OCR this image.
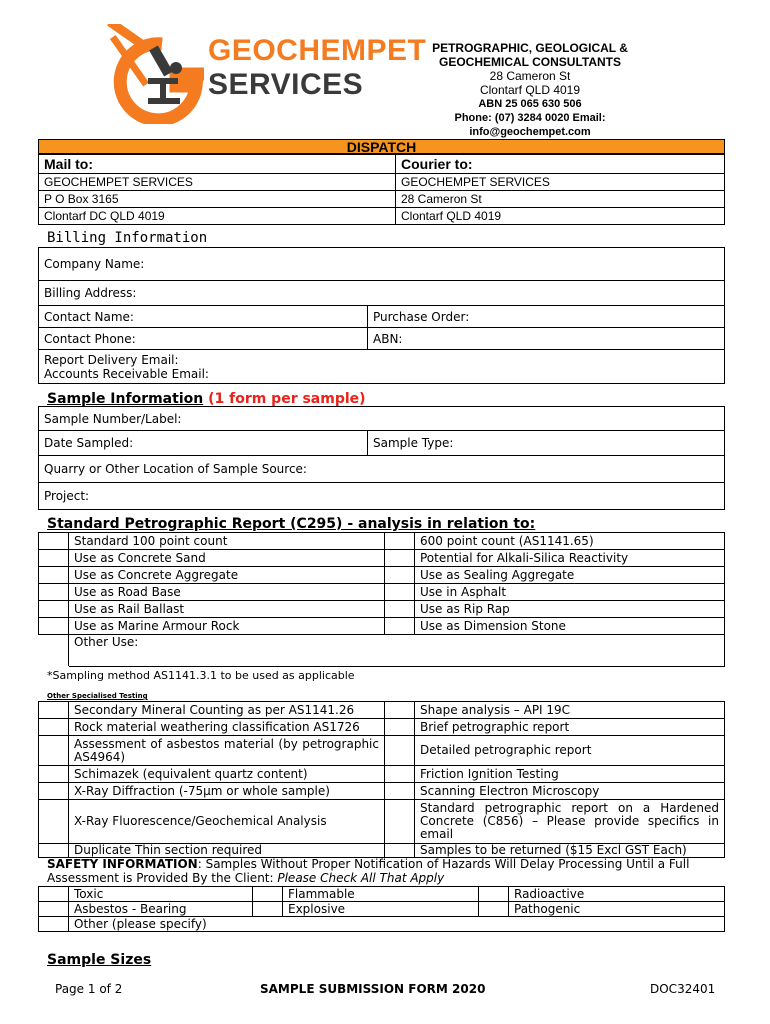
GEOCHEMPET
SERVICES
PETROGRAPHIC, GEOLOGICAL &
GEOCHEMICAL CONSULTANTS
28 Cameron St
Clontarf QLD 4019
ABN 25 065 630 506
Phone: (07) 3284 0020 Email:
info@geochempet.com
DISPATCH
Mail to:	Courier to:
GEOCHEMPET SERVICES	GEOCHEMPET SERVICES
P O Box 3165	28 Cameron St
Clontarf DC QLD 4019	Clontarf QLD 4019
Billing Information
Company Name:	
Billing Address:	
Contact Name:	Purchase Order:
Contact Phone:	ABN:

Report Delivery Email:
Accounts Receivable Email:	
Sample Information (1 form per sample)
Sample Number/Label:
Date Sampled:	Sample Type:
Quarry or Other Location of Sample Source:
Project:
Standard Petrographic Report (C295) - analysis in relation to:
	Standard 100 point count		600 point count (AS1141.65)
	Use as Concrete Sand		Potential for Alkali-Silica Reactivity
	Use as Concrete Aggregate		Use as Sealing Aggregate
	Use as Road Base		Use in Asphalt
	Use as Rail Ballast		Use as Rip Rap
	Use as Marine Armour Rock		Use as Dimension Stone
	Other Use:		
*Sampling method AS1141.3.1 to be used as applicable
Other Specialised Testing
	Secondary Mineral Counting as per AS1141.26		Shape analysis – API 19C
	Rock material weathering classification AS1726		Brief petrographic report
	Assessment of asbestos material (by petrographic AS4964)		Detailed petrographic report
	Schimazek (equivalent quartz content)		Friction Ignition Testing
	X-Ray Diffraction (-75µm or whole sample)		Scanning Electron Microscopy
	X-Ray Fluorescence/Geochemical Analysis		Standard petrographic report on a Hardened Concrete (C856) – Please provide specifics in email
	Duplicate Thin section required		Samples to be returned ($15 Excl GST Each)
SAFETY INFORMATION: Samples Without Proper Notification of Hazards Will Delay Processing Until a Full Assessment is Provided By the Client: Please Check All That Apply
	Toxic		Flammable		Radioactive
	Asbestos - Bearing		Explosive		Pathogenic
	Other (please specify)				
Sample Sizes
Page 1 of 2	SAMPLE SUBMISSION FORM 2020	DOC32401
